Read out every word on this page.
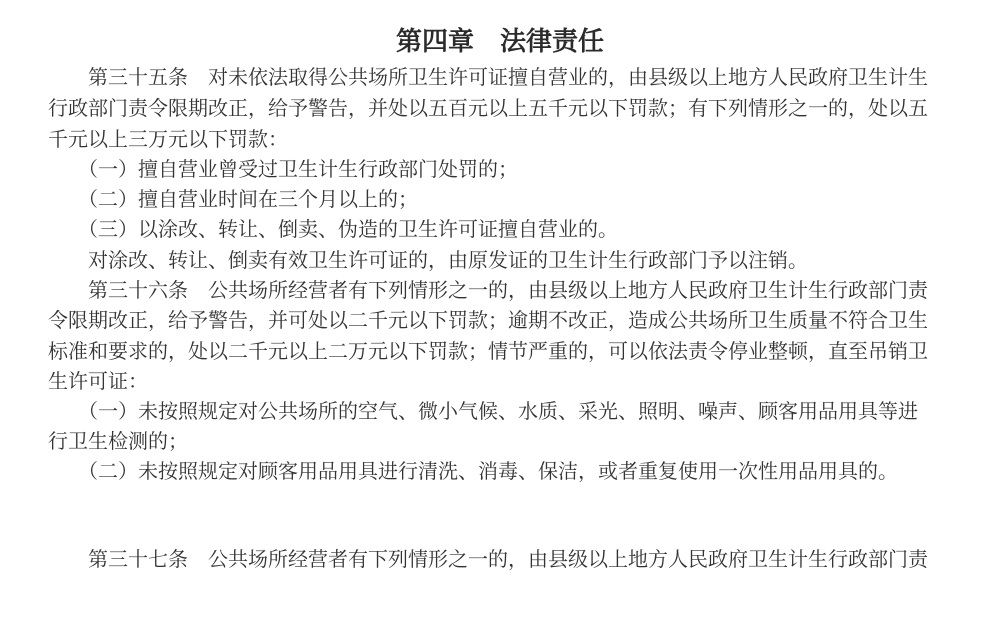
第四章　法律责任
　　第三十五条　对未依法取得公共场所卫生许可证擅自营业的，由县级以上地方人民政府卫生计生
行政部门责令限期改正，给予警告，并处以五百元以上五千元以下罚款；有下列情形之一的，处以五
千元以上三万元以下罚款：
　　（一）擅自营业曾受过卫生计生行政部门处罚的；
　　（二）擅自营业时间在三个月以上的；
　　（三）以涂改、转让、倒卖、伪造的卫生许可证擅自营业的。
　　对涂改、转让、倒卖有效卫生许可证的，由原发证的卫生计生行政部门予以注销。
　　第三十六条　公共场所经营者有下列情形之一的，由县级以上地方人民政府卫生计生行政部门责
令限期改正，给予警告，并可处以二千元以下罚款；逾期不改正，造成公共场所卫生质量不符合卫生
标准和要求的，处以二千元以上二万元以下罚款；情节严重的，可以依法责令停业整顿，直至吊销卫
生许可证：
　　（一）未按照规定对公共场所的空气、微小气候、水质、采光、照明、噪声、顾客用品用具等进
行卫生检测的；
　　（二）未按照规定对顾客用品用具进行清洗、消毒、保洁，或者重复使用一次性用品用具的。

　　第三十七条　公共场所经营者有下列情形之一的，由县级以上地方人民政府卫生计生行政部门责
